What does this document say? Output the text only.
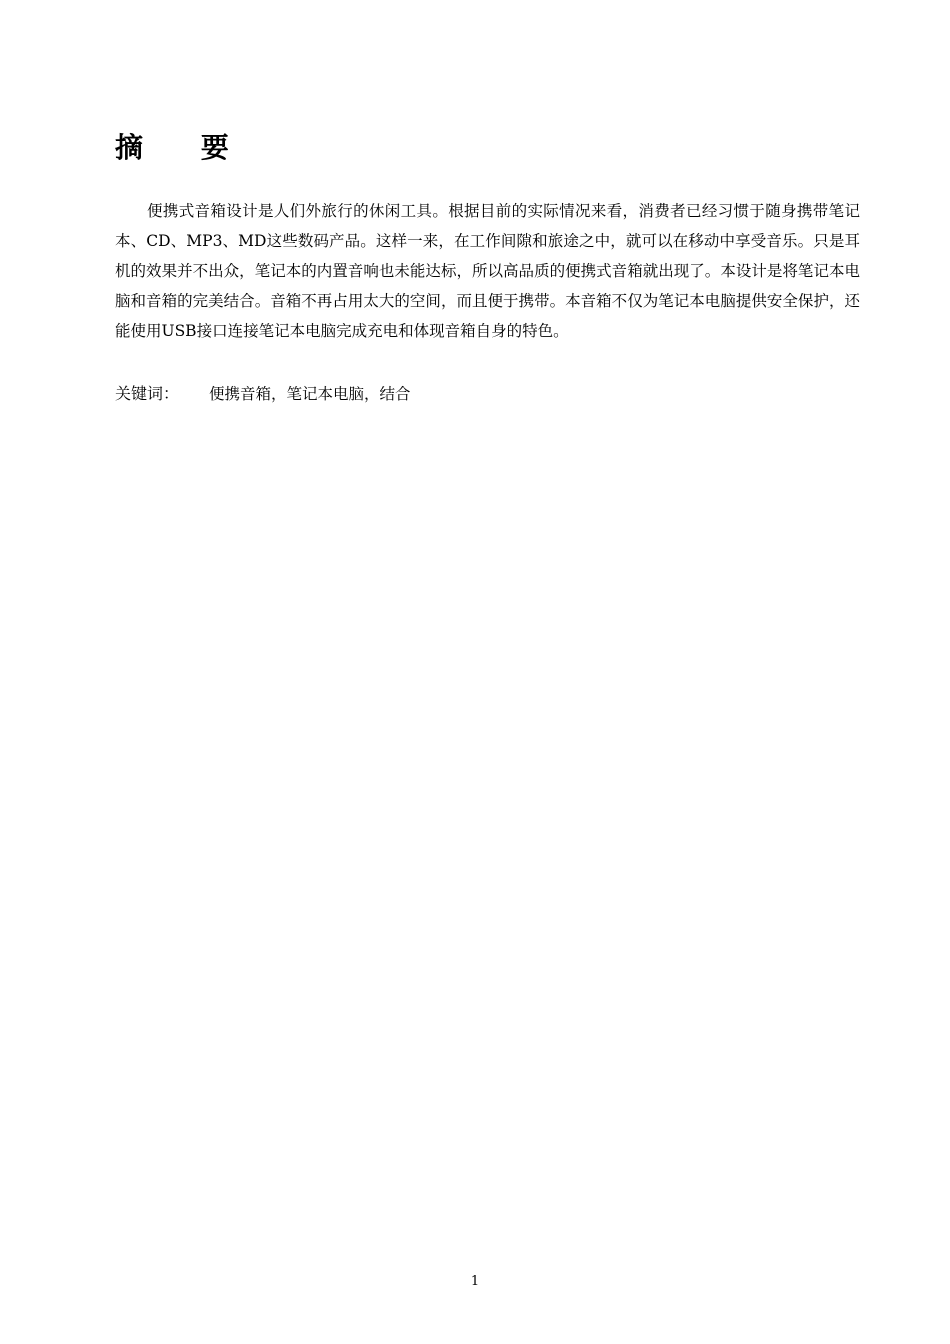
摘 要

便携式音箱设计是人们外旅行的休闲工具。根据目前的实际情况来看，消费者已经习惯于随身携带笔记本、CD、MP3、MD这些数码产品。这样一来，在工作间隙和旅途之中，就可以在移动中享受音乐。只是耳机的效果并不出众，笔记本的内置音响也未能达标，所以高品质的便携式音箱就出现了。本设计是将笔记本电脑和音箱的完美结合。音箱不再占用太大的空间，而且便于携带。本音箱不仅为笔记本电脑提供安全保护，还能使用USB接口连接笔记本电脑完成充电和体现音箱自身的特色。

关键词： 便携音箱，笔记本电脑，结合

1
